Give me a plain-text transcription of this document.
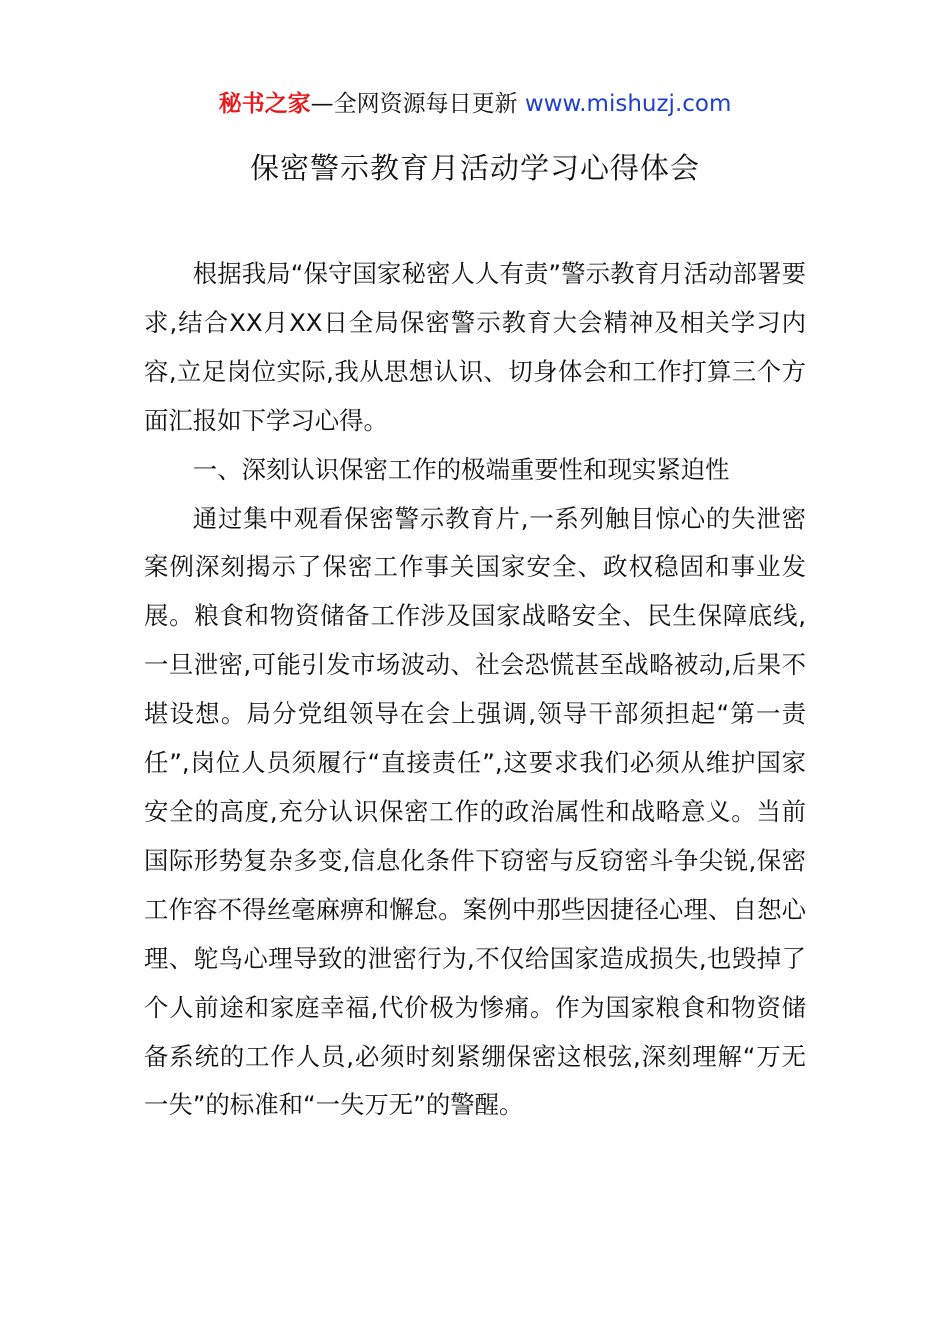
秘书之家—全网资源每日更新 www.mishuzj.com
保密警示教育月活动学习心得体会

根据我局“保守国家秘密人人有责”警示教育月活动部署要求,结合XX月XX日全局保密警示教育大会精神及相关学习内容,立足岗位实际,我从思想认识、切身体会和工作打算三个方面汇报如下学习心得。

一、深刻认识保密工作的极端重要性和现实紧迫性

通过集中观看保密警示教育片,一系列触目惊心的失泄密案例深刻揭示了保密工作事关国家安全、政权稳固和事业发展。粮食和物资储备工作涉及国家战略安全、民生保障底线,一旦泄密,可能引发市场波动、社会恐慌甚至战略被动,后果不堪设想。局分党组领导在会上强调,领导干部须担起“第一责任”,岗位人员须履行“直接责任”,这要求我们必须从维护国家安全的高度,充分认识保密工作的政治属性和战略意义。当前国际形势复杂多变,信息化条件下窃密与反窃密斗争尖锐,保密工作容不得丝毫麻痹和懈怠。案例中那些因捷径心理、自恕心理、鸵鸟心理导致的泄密行为,不仅给国家造成损失,也毁掉了个人前途和家庭幸福,代价极为惨痛。作为国家粮食和物资储备系统的工作人员,必须时刻紧绷保密这根弦,深刻理解“万无一失”的标准和“一失万无”的警醒。
